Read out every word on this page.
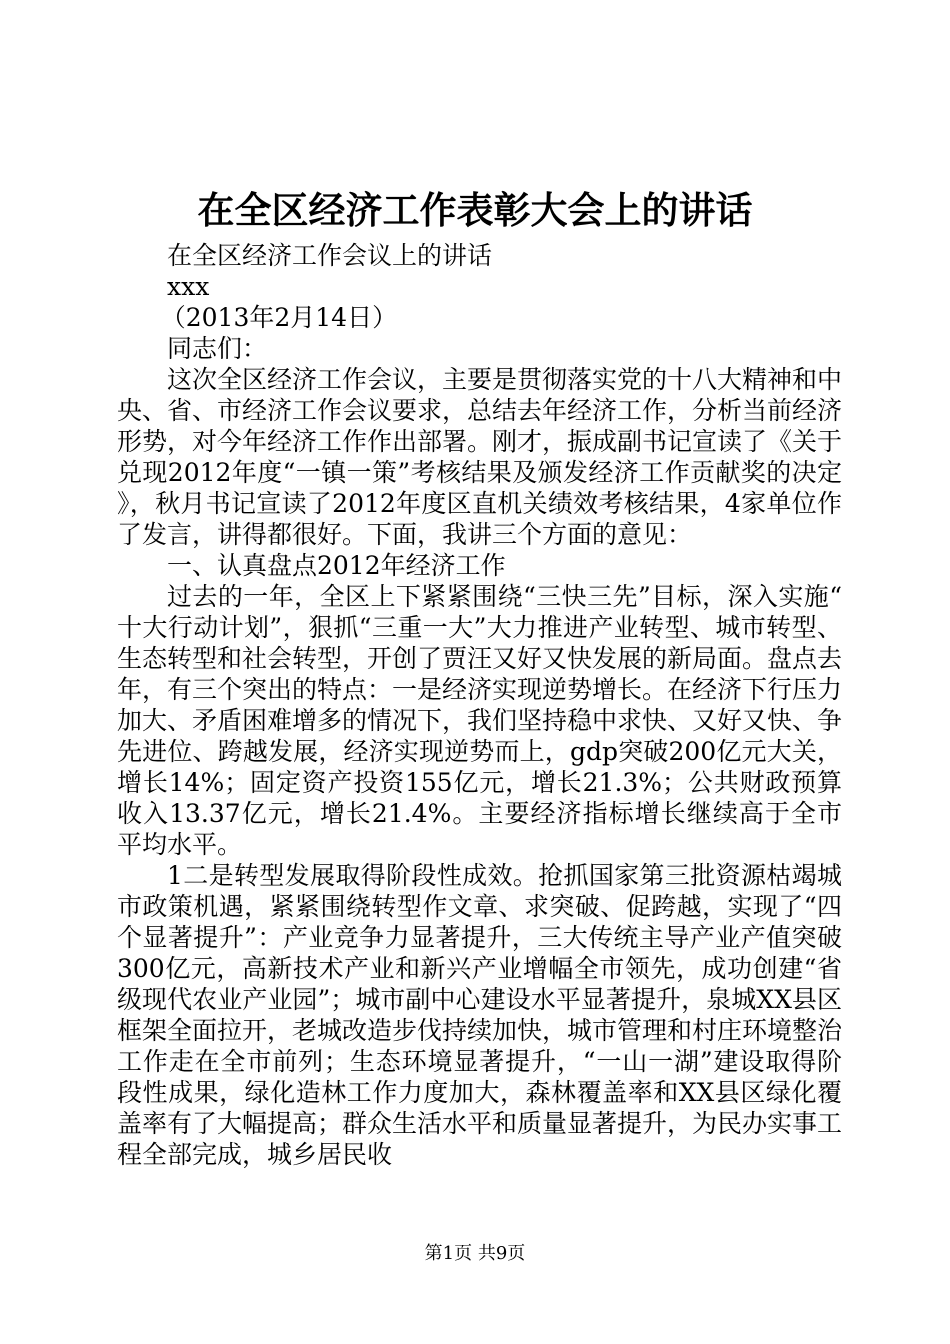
在全区经济工作表彰大会上的讲话

在全区经济工作会议上的讲话

xxx

（2013年2月14日）

同志们：

这次全区经济工作会议，主要是贯彻落实党的十八大精神和中央、省、市经济工作会议要求，总结去年经济工作，分析当前经济形势，对今年经济工作作出部署。刚才，振成副书记宣读了《关于兑现2012年度“一镇一策”考核结果及颁发经济工作贡献奖的决定》，秋月书记宣读了2012年度区直机关绩效考核结果，4家单位作了发言，讲得都很好。下面，我讲三个方面的意见：

一、认真盘点2012年经济工作

过去的一年，全区上下紧紧围绕“三快三先”目标，深入实施“十大行动计划”，狠抓“三重一大”大力推进产业转型、城市转型、生态转型和社会转型，开创了贾汪又好又快发展的新局面。盘点去年，有三个突出的特点：一是经济实现逆势增长。在经济下行压力加大、矛盾困难增多的情况下，我们坚持稳中求快、又好又快、争先进位、跨越发展，经济实现逆势而上，gdp突破200亿元大关，增长14%；固定资产投资155亿元，增长21.3%；公共财政预算收入13.37亿元，增长21.4%。主要经济指标增长继续高于全市平均水平。

1二是转型发展取得阶段性成效。抢抓国家第三批资源枯竭城市政策机遇，紧紧围绕转型作文章、求突破、促跨越，实现了“四个显著提升”：产业竞争力显著提升，三大传统主导产业产值突破300亿元，高新技术产业和新兴产业增幅全市领先，成功创建“省级现代农业产业园”；城市副中心建设水平显著提升，泉城XX县区框架全面拉开，老城改造步伐持续加快，城市管理和村庄环境整治工作走在全市前列；生态环境显著提升，“一山一湖”建设取得阶段性成果，绿化造林工作力度加大，森林覆盖率和XX县区绿化覆盖率有了大幅提高；群众生活水平和质量显著提升，为民办实事工程全部完成，城乡居民收

第1页 共9页
